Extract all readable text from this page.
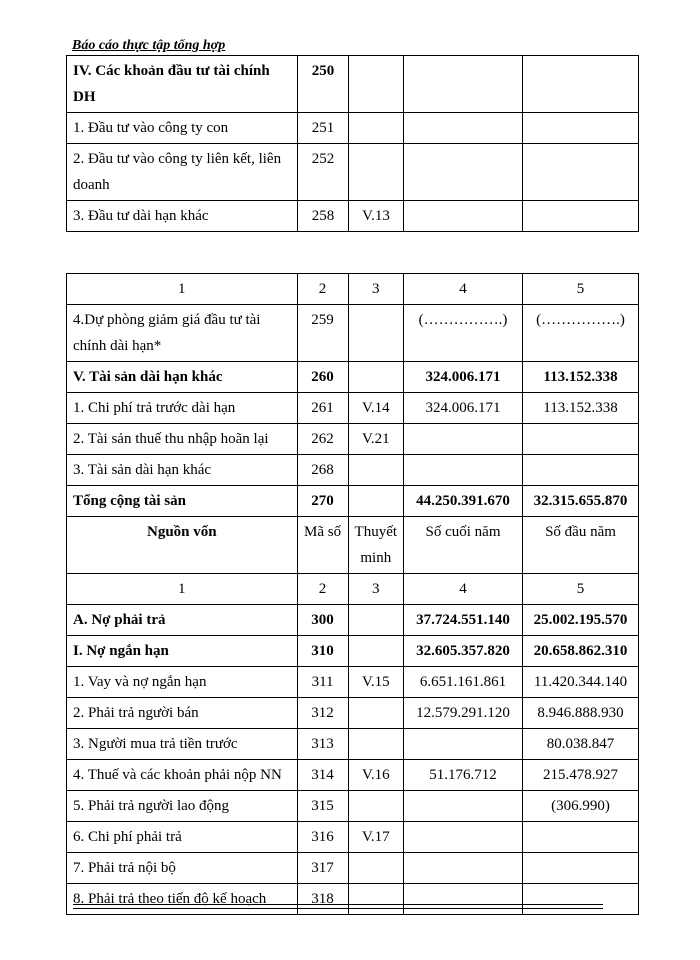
Báo cáo thực tập tổng hợp
IV. Các khoản đầu tư tài chính DH	250			
1. Đầu tư vào công ty con	251			
2. Đầu tư vào công ty liên kết, liên doanh	252			
3. Đầu tư dài hạn khác	258	V.13		
1	2	3	4	5
4.Dự phòng giảm giá đầu tư tài chính dài hạn*	259		(…………….)	(…………….)
V. Tài sản dài hạn khác	260		324.006.171	113.152.338
1. Chi phí trả trước dài hạn	261	V.14	324.006.171	113.152.338
2. Tài sản thuế thu nhập hoãn lại	262	V.21		
3. Tài sản dài hạn khác	268			
Tổng cộng tài sản	270		44.250.391.670	32.315.655.870
Nguồn vốn	Mã số	Thuyết minh	Số cuối năm	Số đầu năm
1	2	3	4	5
A. Nợ phải trả	300		37.724.551.140	25.002.195.570
I. Nợ ngắn hạn	310		32.605.357.820	20.658.862.310
1. Vay và nợ ngắn hạn	311	V.15	6.651.161.861	11.420.344.140
2. Phải trả người bán	312		12.579.291.120	8.946.888.930
3. Người mua trả tiền trước	313			80.038.847
4. Thuế và các khoản phải nộp NN	314	V.16	51.176.712	215.478.927
5. Phải trả người lao động	315			(306.990)
6. Chi phí phải trả	316	V.17		
7. Phải trả nội bộ	317			
8. Phải trả theo tiến độ kế hoạch	318			
